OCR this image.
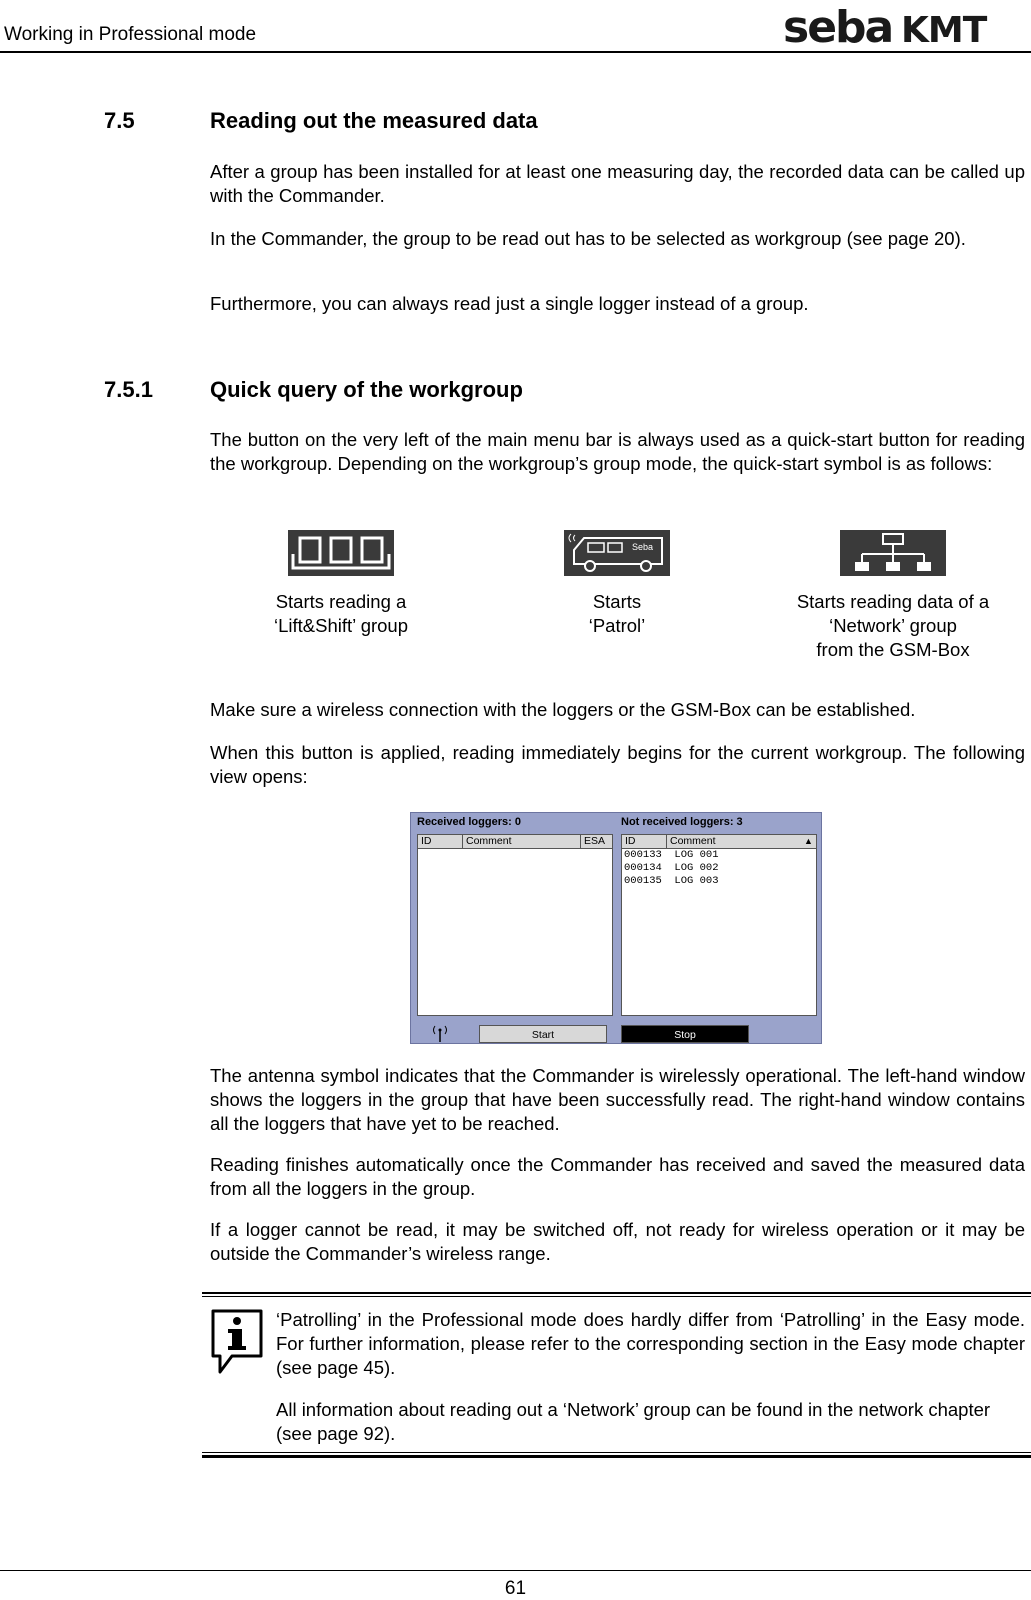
Working in Professional mode	seba KMT
7.5	Reading out the measured data

After a group has been installed for at least one measuring day, the recorded data can be called up with the Commander.

In the Commander, the group to be read out has to be selected as workgroup (see page 20).

Furthermore, you can always read just a single logger instead of a group.

7.5.1	Quick query of the workgroup

The button on the very left of the main menu bar is always used as a quick-start button for reading the workgroup. Depending on the workgroup’s group mode, the quick-start symbol is as follows:

Seba
Starts reading a
‘Lift&Shift’ group
Starts
‘Patrol’
Starts reading data of a
‘Network’ group
from the GSM-Box

Make sure a wireless connection with the loggers or the GSM-Box can be established.

When this button is applied, reading immediately begins for the current workgroup. The following view opens:

Received loggers: 0	Not received loggers: 3
ID	Comment	ESA ID	Comment	▲
000133 LOG 001
000134 LOG 002
000135 LOG 003
Start	Stop

The antenna symbol indicates that the Commander is wirelessly operational. The left-hand window shows the loggers in the group that have been successfully read. The right-hand window contains all the loggers that have yet to be reached.

Reading finishes automatically once the Commander has received and saved the measured data from all the loggers in the group.

If a logger cannot be read, it may be switched off, not ready for wireless operation or it may be outside the Commander’s wireless range.

‘Patrolling’ in the Professional mode does hardly differ from ‘Patrolling’ in the Easy mode. For further information, please refer to the corresponding section in the Easy mode chapter (see page 45).

All information about reading out a ‘Network’ group can be found in the network chapter (see page 92).

61
